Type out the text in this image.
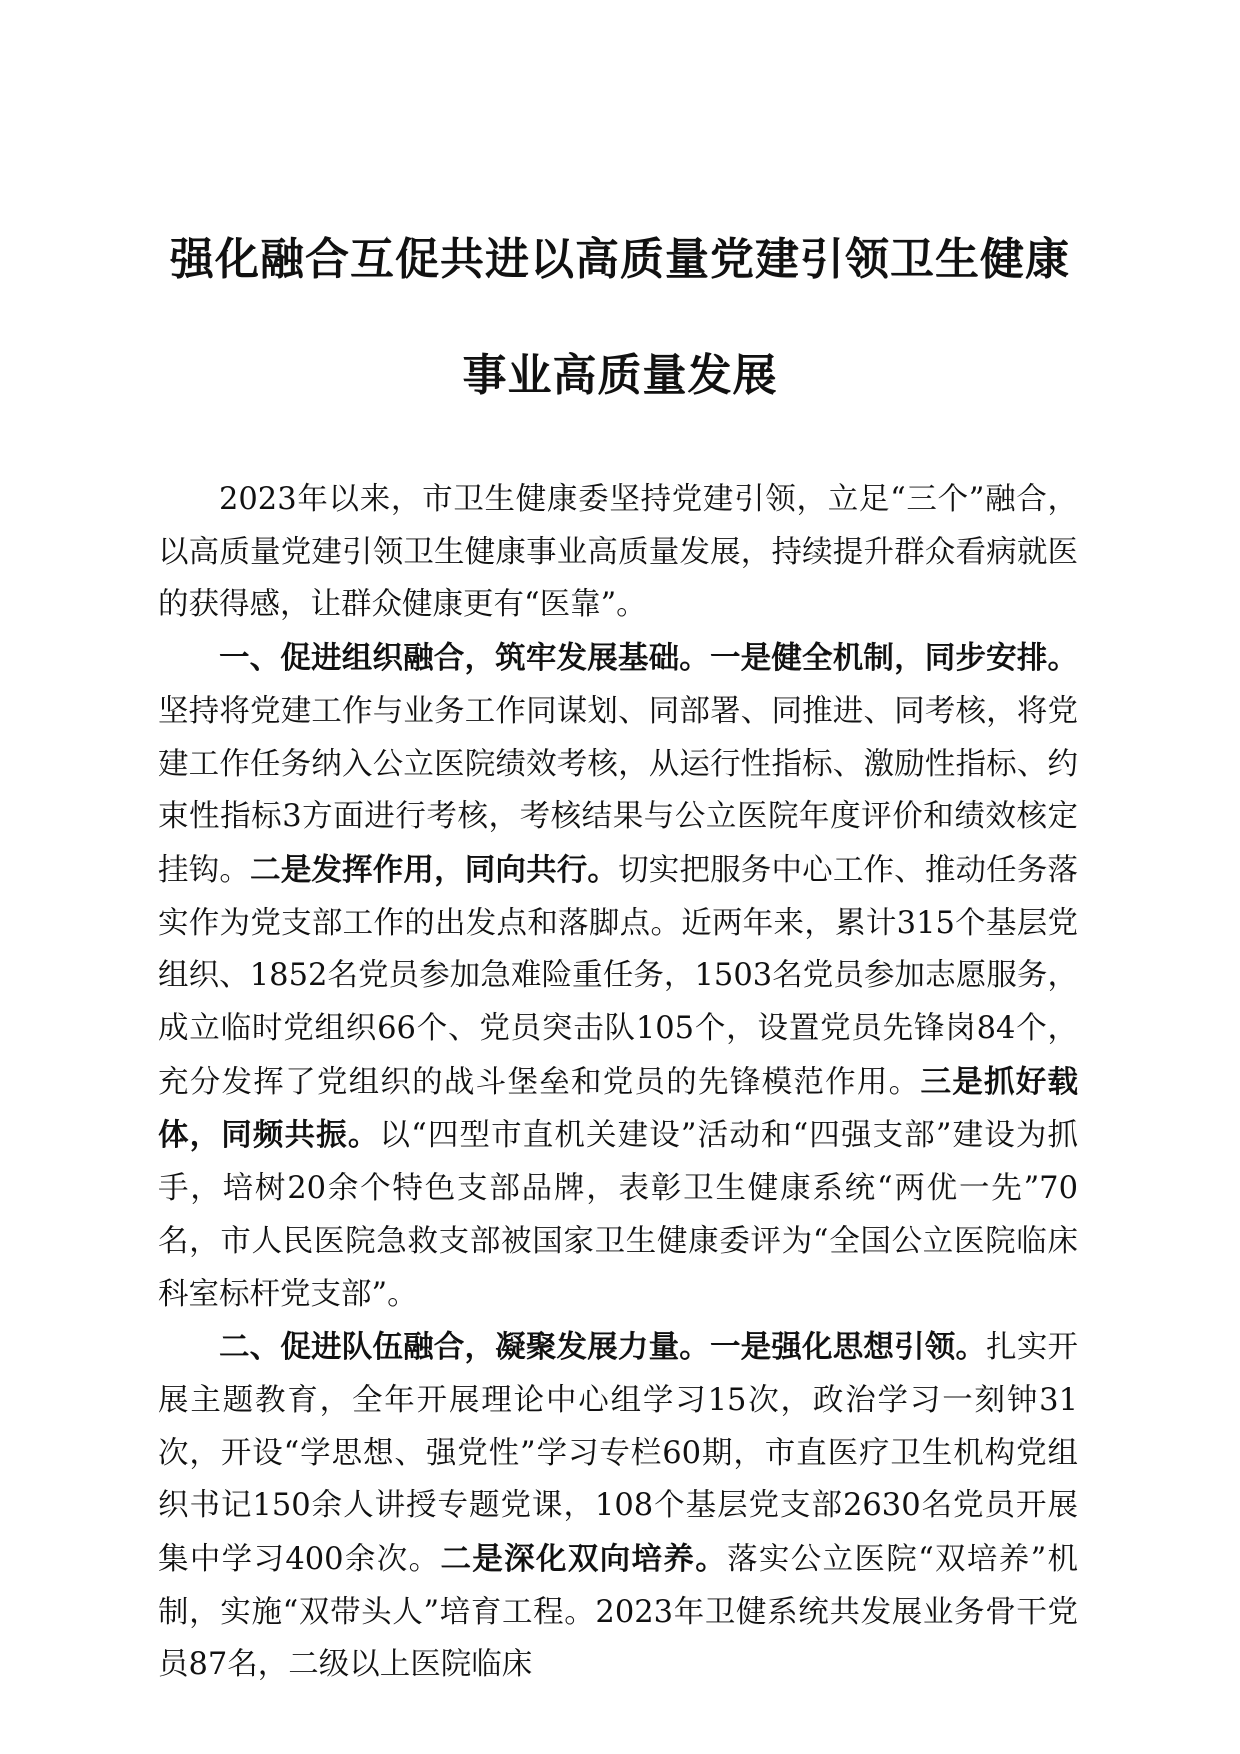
强化融合互促共进以高质量党建引领卫生健康
事业高质量发展

2023年以来，市卫生健康委坚持党建引领，立足“三个”融合，以高质量党建引领卫生健康事业高质量发展，持续提升群众看病就医的获得感，让群众健康更有“医靠”。

一、促进组织融合，筑牢发展基础。一是健全机制，同步安排。坚持将党建工作与业务工作同谋划、同部署、同推进、同考核，将党建工作任务纳入公立医院绩效考核，从运行性指标、激励性指标、约束性指标3方面进行考核，考核结果与公立医院年度评价和绩效核定挂钩。二是发挥作用，同向共行。切实把服务中心工作、推动任务落实作为党支部工作的出发点和落脚点。近两年来，累计315个基层党组织、1852名党员参加急难险重任务，1503名党员参加志愿服务，成立临时党组织66个、党员突击队105个，设置党员先锋岗84个，充分发挥了党组织的战斗堡垒和党员的先锋模范作用。三是抓好载体，同频共振。以“四型市直机关建设”活动和“四强支部”建设为抓手，培树20余个特色支部品牌，表彰卫生健康系统“两优一先”70名，市人民医院急救支部被国家卫生健康委评为“全国公立医院临床科室标杆党支部”。

二、促进队伍融合，凝聚发展力量。一是强化思想引领。扎实开展主题教育，全年开展理论中心组学习15次，政治学习一刻钟31次，开设“学思想、强党性”学习专栏60期，市直医疗卫生机构党组织书记150余人讲授专题党课，108个基层党支部2630名党员开展集中学习400余次。二是深化双向培养。落实公立医院“双培养”机制，实施“双带头人”培育工程。2023年卫健系统共发展业务骨干党员87名，二级以上医院临床
